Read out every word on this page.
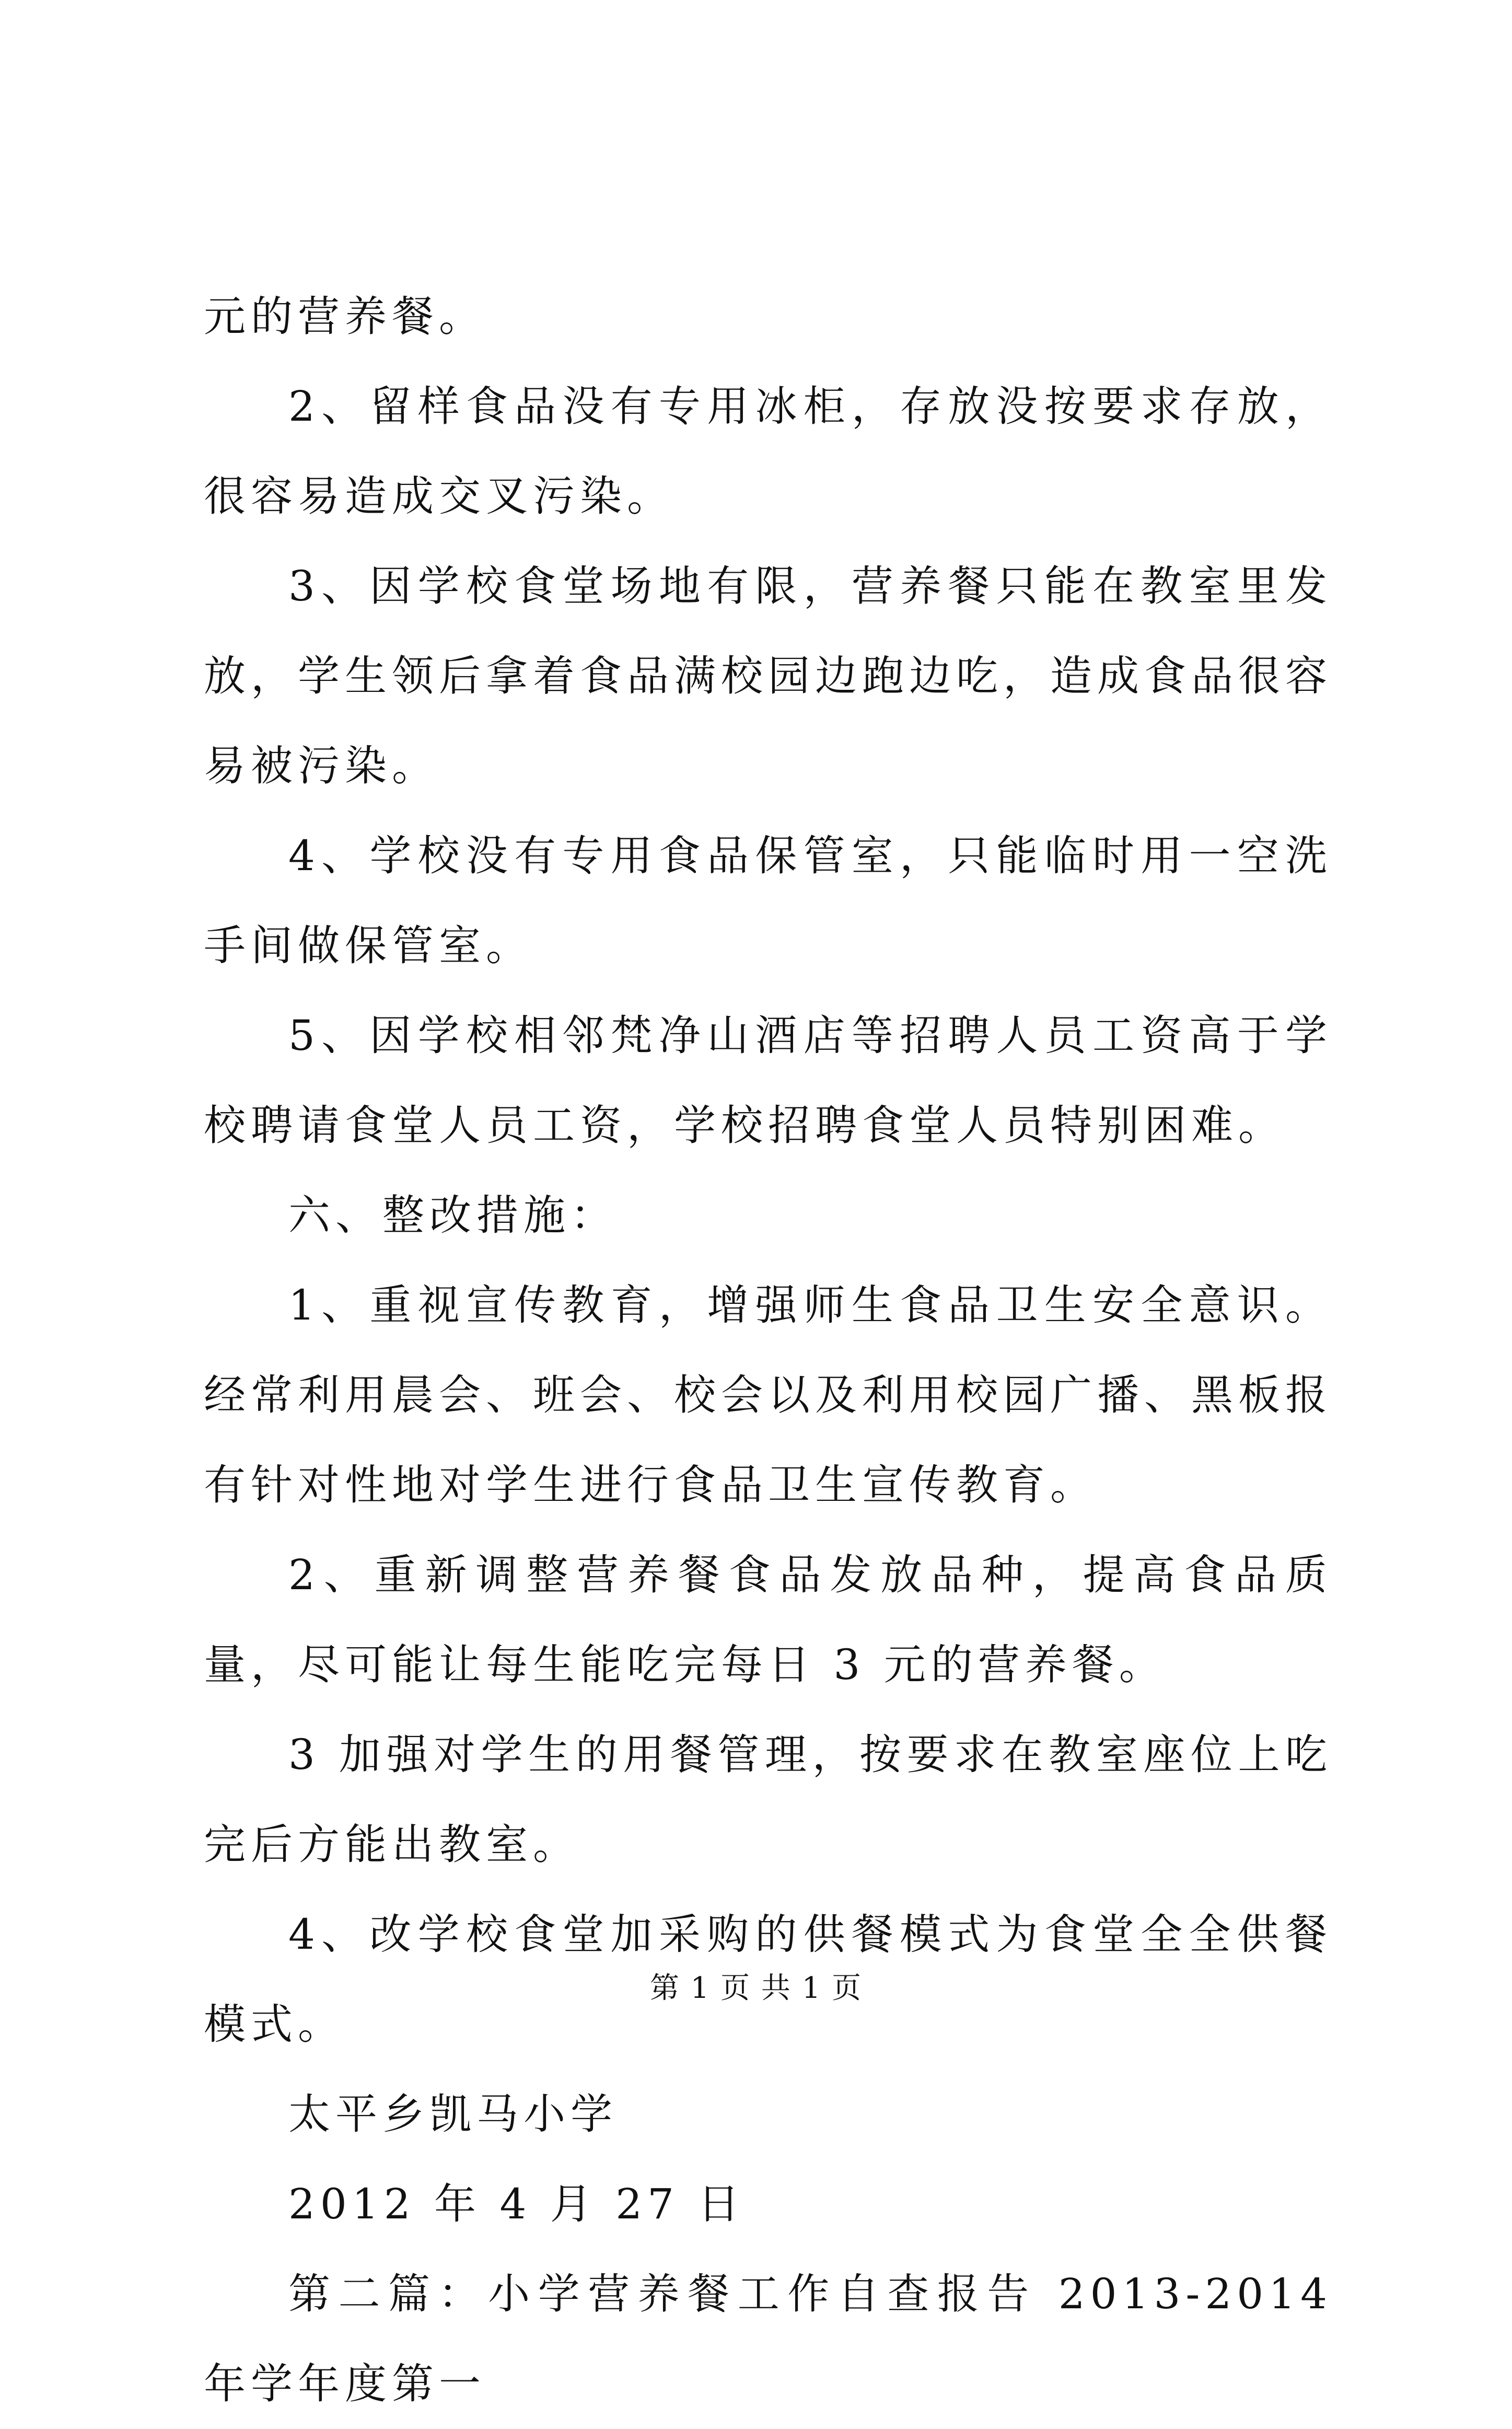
元的营养餐。

2、留样食品没有专用冰柜，存放没按要求存放，很容易造成交叉污染。

3、因学校食堂场地有限，营养餐只能在教室里发放，学生领后拿着食品满校园边跑边吃，造成食品很容易被污染。

4、学校没有专用食品保管室，只能临时用一空洗手间做保管室。

5、因学校相邻梵净山酒店等招聘人员工资高于学校聘请食堂人员工资，学校招聘食堂人员特别困难。

六、整改措施：

1、重视宣传教育，增强师生食品卫生安全意识。经常利用晨会、班会、校会以及利用校园广播、黑板报有针对性地对学生进行食品卫生宣传教育。

2、重新调整营养餐食品发放品种，提高食品质量，尽可能让每生能吃完每日 3 元的营养餐。

3 加强对学生的用餐管理，按要求在教室座位上吃完后方能出教室。

4、改学校食堂加采购的供餐模式为食堂全全供餐模式。

太平乡凯马小学

2012 年 4 月 27 日

第二篇：小学营养餐工作自查报告 2013-2014 年学年度第一

第 1 页 共 1 页
